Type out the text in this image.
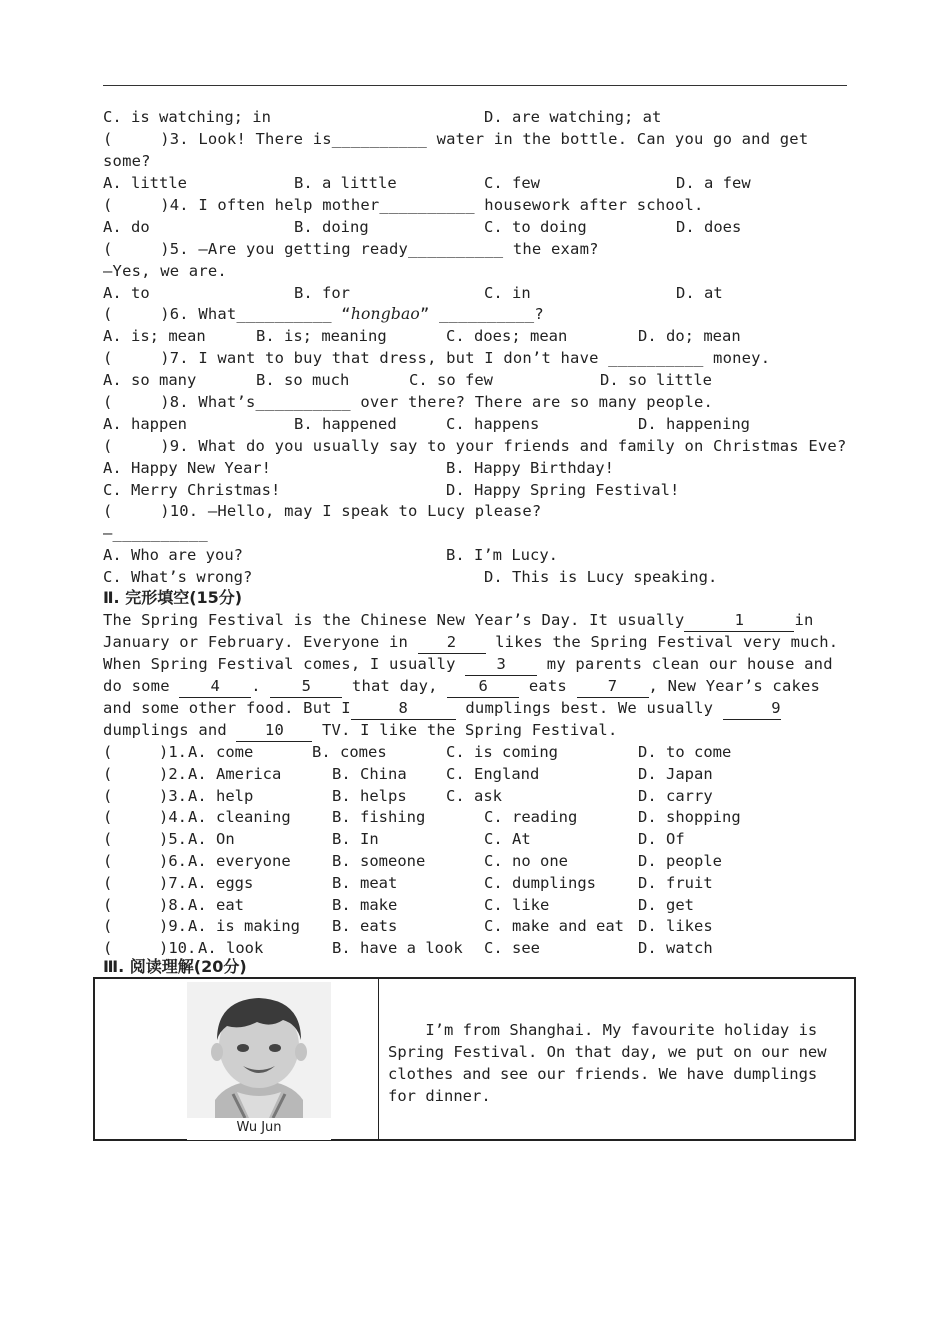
C. is watching; in	D. are watching; at
(     )3. Look! There is__________ water in the bottle. Can you go and get
some?
A. little	B. a little	C. few	D. a few
(     )4. I often help mother__________ housework after school.
A. do	B. doing	C. to doing	D. does
(     )5. —Are you getting ready__________ the exam?
—Yes, we are.
A. to	B. for	C. in	D. at
(     )6. What__________ “hongbao” __________?
A. is; mean	B. is; meaning	C. does; mean	D. do; mean
(     )7. I want to buy that dress, but I don’t have __________ money.
A. so many	B. so much	C. so few	D. so little
(     )8. What’s__________ over there? There are so many people.
A. happen	B. happened	C. happens	D. happening
(     )9. What do you usually say to your friends and family on Christmas Eve?
A. Happy New Year!	B. Happy Birthday!
C. Merry Christmas!	D. Happy Spring Festival!
(     )10. —Hello, may I speak to Lucy please?
—__________
A. Who are you?	B. I’m Lucy.
C. What’s wrong?	D. This is Lucy speaking.
Ⅱ. 完形填空(15分)
The Spring Festival is the Chinese New Year’s Day. It usually	1	in
January or February. Everyone in	2	likes the Spring Festival very much.
When Spring Festival comes, I usually	3	my parents clean our house and
do some	4 .	5	that day,	6	eats	7 , New Year’s cakes
and some other food. But I	8	dumplings best. We usually	9
dumplings and 10 TV. I like the Spring Festival.
(     )1. A. come	B. comes	C. is coming	D. to come
(     )2. A. America	B. China	C. England	D. Japan
(     )3. A. help	B. helps	C. ask	D. carry
(     )4. A. cleaning	B. fishing	C. reading	D. shopping
(     )5. A. On	B. In	C. At	D. Of
(     )6. A. everyone	B. someone	C. no one	D. people
(     )7. A. eggs	B. meat	C. dumplings	D. fruit
(     )8. A. eat	B. make	C. like	D. get
(     )9. A. is making B. eats	C. make and eat D. likes
(     )10. A. look	B. have a look C. see	D. watch
Ⅲ. 阅读理解(20分)
Wu Jun
I’m from Shanghai. My favourite holiday is Spring Festival. On that day, we put on our new clothes and see our friends. We have dumplings for dinner.
